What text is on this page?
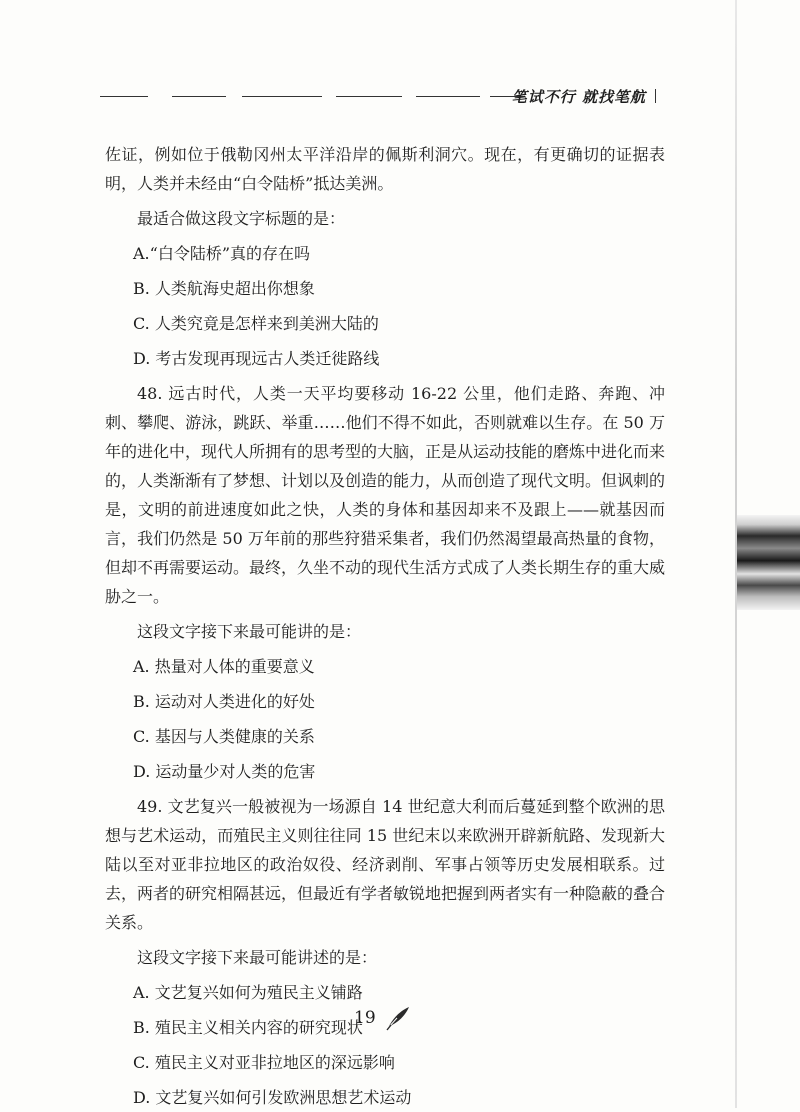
笔试不行 就找笔航

佐证，例如位于俄勒冈州太平洋沿岸的佩斯利洞穴。现在，有更确切的证据表明，人类并未经由“白令陆桥”抵达美洲。

最适合做这段文字标题的是：

A.“白令陆桥”真的存在吗

B. 人类航海史超出你想象

C. 人类究竟是怎样来到美洲大陆的

D. 考古发现再现远古人类迁徙路线

48. 远古时代，人类一天平均要移动 16-22 公里，他们走路、奔跑、冲刺、攀爬、游泳，跳跃、举重……他们不得不如此，否则就难以生存。在 50 万年的进化中，现代人所拥有的思考型的大脑，正是从运动技能的磨炼中进化而来的，人类渐渐有了梦想、计划以及创造的能力，从而创造了现代文明。但讽刺的是，文明的前进速度如此之快，人类的身体和基因却来不及跟上——就基因而言，我们仍然是 50 万年前的那些狩猎采集者，我们仍然渴望最高热量的食物，但却不再需要运动。最终，久坐不动的现代生活方式成了人类长期生存的重大威胁之一。

这段文字接下来最可能讲的是：

A. 热量对人体的重要意义

B. 运动对人类进化的好处

C. 基因与人类健康的关系

D. 运动量少对人类的危害

49. 文艺复兴一般被视为一场源自 14 世纪意大利而后蔓延到整个欧洲的思想与艺术运动，而殖民主义则往往同 15 世纪末以来欧洲开辟新航路、发现新大陆以至对亚非拉地区的政治奴役、经济剥削、军事占领等历史发展相联系。过去，两者的研究相隔甚远，但最近有学者敏锐地把握到两者实有一种隐蔽的叠合关系。

这段文字接下来最可能讲述的是：

A. 文艺复兴如何为殖民主义铺路

B. 殖民主义相关内容的研究现状

C. 殖民主义对亚非拉地区的深远影响

D. 文艺复兴如何引发欧洲思想艺术运动

19
